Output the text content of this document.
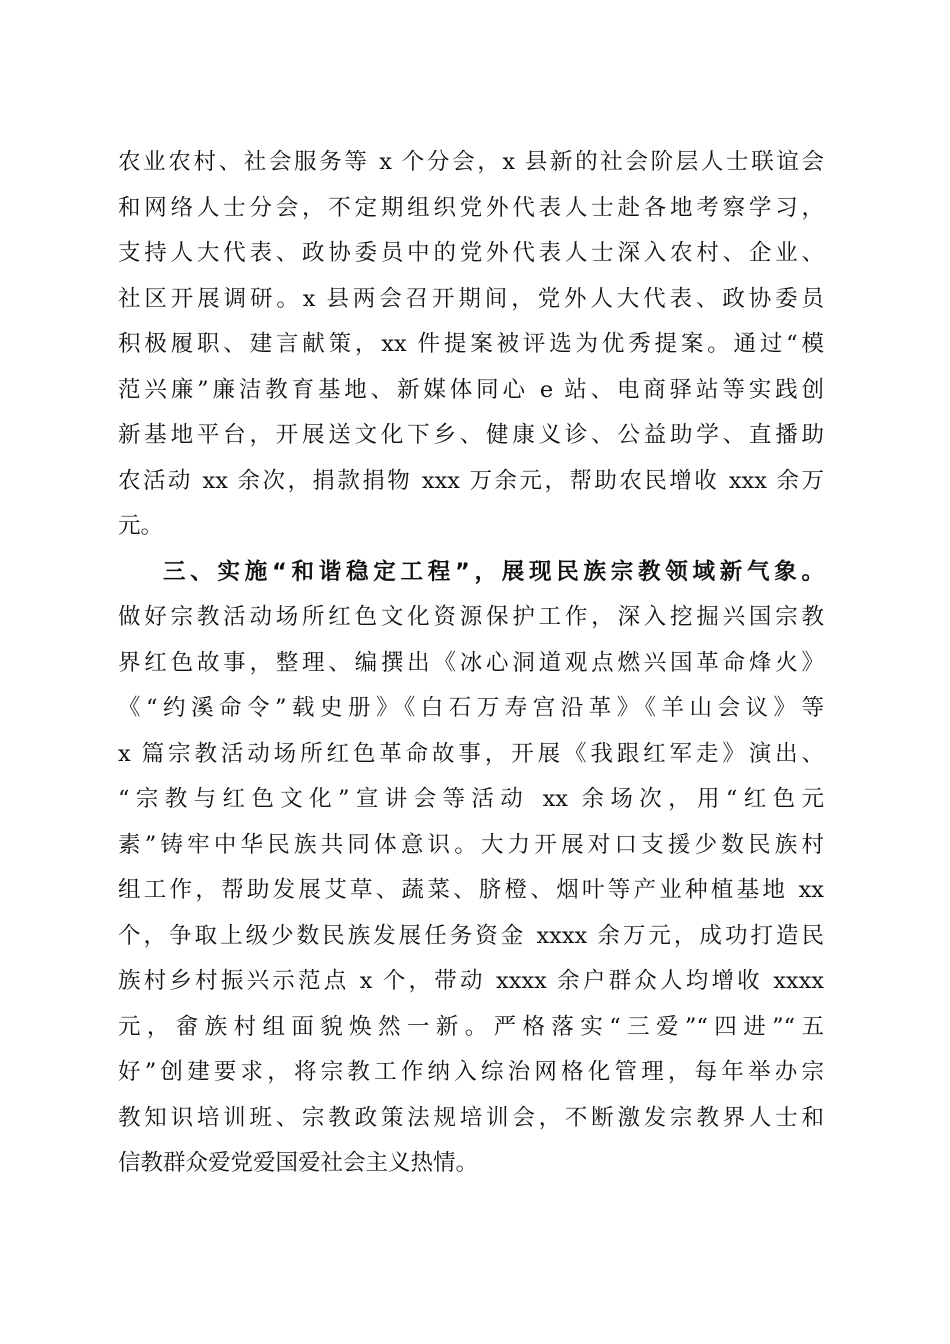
农业农村、社会服务等 x 个分会，x 县新的社会阶层人士联谊会
和网络人士分会，不定期组织党外代表人士赴各地考察学习，
支持人大代表、政协委员中的党外代表人士深入农村、企业、
社区开展调研。x 县两会召开期间，党外人大代表、政协委员
积极履职、建言献策，xx 件提案被评选为优秀提案。通过“模
范兴廉”廉洁教育基地、新媒体同心 e 站、电商驿站等实践创
新基地平台，开展送文化下乡、健康义诊、公益助学、直播助
农活动 xx 余次，捐款捐物 xxx 万余元，帮助农民增收 xxx 余万
元。
三、实施“和谐稳定工程”，展现民族宗教领域新气象。
做好宗教活动场所红色文化资源保护工作，深入挖掘兴国宗教
界红色故事，整理、编撰出《冰心洞道观点燃兴国革命烽火》
《“约溪命令”载史册》《白石万寿宫沿革》《羊山会议》等
x 篇宗教活动场所红色革命故事，开展《我跟红军走》演出、
“宗教与红色文化”宣讲会等活动 xx 余场次，用“红色元
素”铸牢中华民族共同体意识。大力开展对口支援少数民族村
组工作，帮助发展艾草、蔬菜、脐橙、烟叶等产业种植基地 xx
个，争取上级少数民族发展任务资金 xxxx 余万元，成功打造民
族村乡村振兴示范点 x 个，带动 xxxx 余户群众人均增收 xxxx
元，畲族村组面貌焕然一新。严格落实“三爱”“四进”“五
好”创建要求，将宗教工作纳入综治网格化管理，每年举办宗
教知识培训班、宗教政策法规培训会，不断激发宗教界人士和
信教群众爱党爱国爱社会主义热情。
